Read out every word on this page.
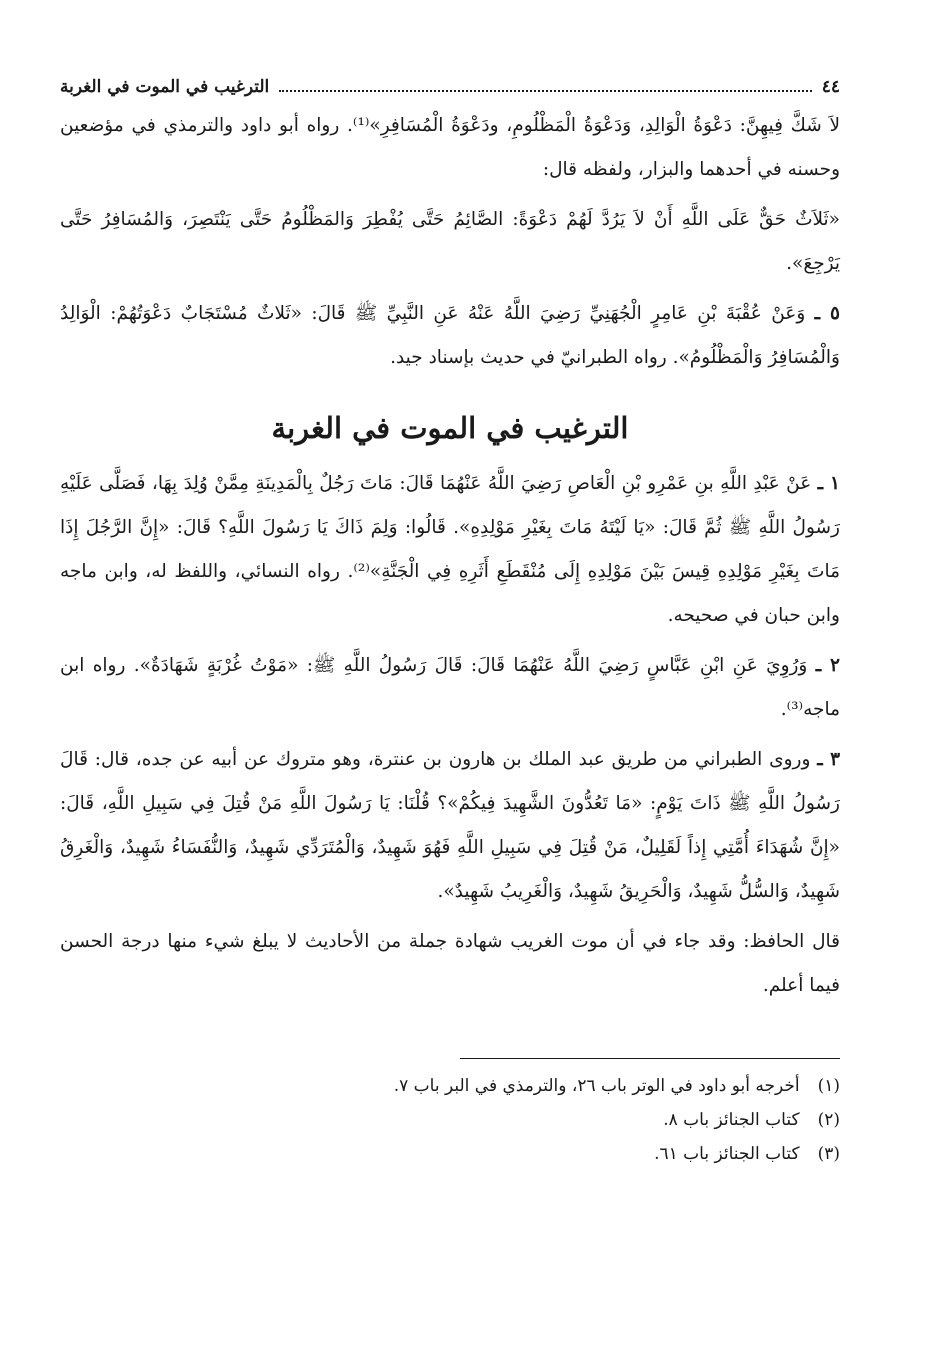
٤٤
الترغيب في الموت في الغربة

لاَ شَكَّ فِيهِنَّ: دَعْوَةُ الْوَالِدِ، وَدَعْوَةُ الْمَظْلُومِ، ودَعْوَةُ الْمُسَافِرِ»⁽¹⁾. رواه أبو داود والترمذي في مؤضعين وحسنه في أحدهما والبزار، ولفظه قال:

«ثَلاَثٌ حَقٌّ عَلَى اللَّهِ أَنْ لاَ يَرُدَّ لَهُمْ دَعْوَةً: الصَّائِمُ حَتَّى يُفْطِرَ وَالمَظْلُومُ حَتَّى يَنْتَصِرَ، وَالمُسَافِرُ حَتَّى يَرْجِعَ».

٥ ـ وَعَنْ عُقْبَةَ بْنِ عَامِرٍ الْجُهَنِيِّ رَضِيَ اللَّهُ عَنْهُ عَنِ النَّبِيِّ ﷺ قَالَ: «ثَلاثٌ مُسْتَجَابٌ دَعْوَتُهُمْ: الْوَالِدُ وَالْمُسَافِرُ وَالْمَظْلُومُ». رواه الطبرانيّ في حديث بإسناد جيد.

الترغيب في الموت في الغربة

١ ـ عَنْ عَبْدِ اللَّهِ بنِ عَمْرِو بْنِ الْعَاصِ رَضِيَ اللَّهُ عَنْهُمَا قَالَ: مَاتَ رَجُلٌ بِالْمَدِينَةِ مِمَّنْ وُلِدَ بِهَا، فَصَلَّى عَلَيْهِ رَسُولُ اللَّهِ ﷺ ثُمَّ قَالَ: «يَا لَيْتَهُ مَاتَ بِغَيْرِ مَوْلِدِهِ». قَالُوا: وَلِمَ ذَاكَ يَا رَسُولَ اللَّهِ؟ قَالَ: «إِنَّ الرَّجُلَ إِذَا مَاتَ بِغَيْرِ مَوْلِدِهِ قِيسَ بَيْنَ مَوْلِدِهِ إِلَى مُنْقَطَعِ أَثَرِهِ فِي الْجَنَّةِ»⁽²⁾. رواه النسائي، واللفظ له، وابن ماجه وابن حبان في صحيحه.

٢ ـ وَرُوِيَ عَنِ ابْنِ عَبَّاسٍ رَضِيَ اللَّهُ عَنْهُمَا قَالَ: قَالَ رَسُولُ اللَّهِ ﷺ: «مَوْتُ غُرْبَةٍ شَهَادَةٌ». رواه ابن ماجه⁽³⁾.

٣ ـ وروى الطبراني من طريق عبد الملك بن هارون بن عنترة، وهو متروك عن أبيه عن جده، قال: قَالَ رَسُولُ اللَّهِ ﷺ ذَاتَ يَوْمٍ: «مَا تَعُدُّونَ الشَّهِيدَ فِيكُمْ»؟ قُلْنَا: يَا رَسُولَ اللَّهِ مَنْ قُتِلَ فِي سَبِيلِ اللَّهِ، قَالَ: «إِنَّ شُهَدَاءَ أُمَّتِي إِذاً لَقَلِيلٌ، مَنْ قُتِلَ فِي سَبِيلِ اللَّهِ فَهُوَ شَهِيدٌ، وَالْمُتَرَدِّي شَهِيدٌ، وَالنُّفَسَاءُ شَهِيدٌ، وَالْغَرِقُ شَهِيدٌ، وَالسُّلُّ شَهِيدٌ، وَالْحَرِيقُ شَهِيدٌ، وَالْغَرِيبُ شَهِيدٌ».

قال الحافظ: وقد جاء في أن موت الغريب شهادة جملة من الأحاديث لا يبلغ شيء منها درجة الحسن فيما أعلم.

(١)
أخرجه أبو داود في الوتر باب ٢٦، والترمذي في البر باب ٧.
(٢)
كتاب الجنائز باب ٨.
(٣)
كتاب الجنائز باب ٦١.
